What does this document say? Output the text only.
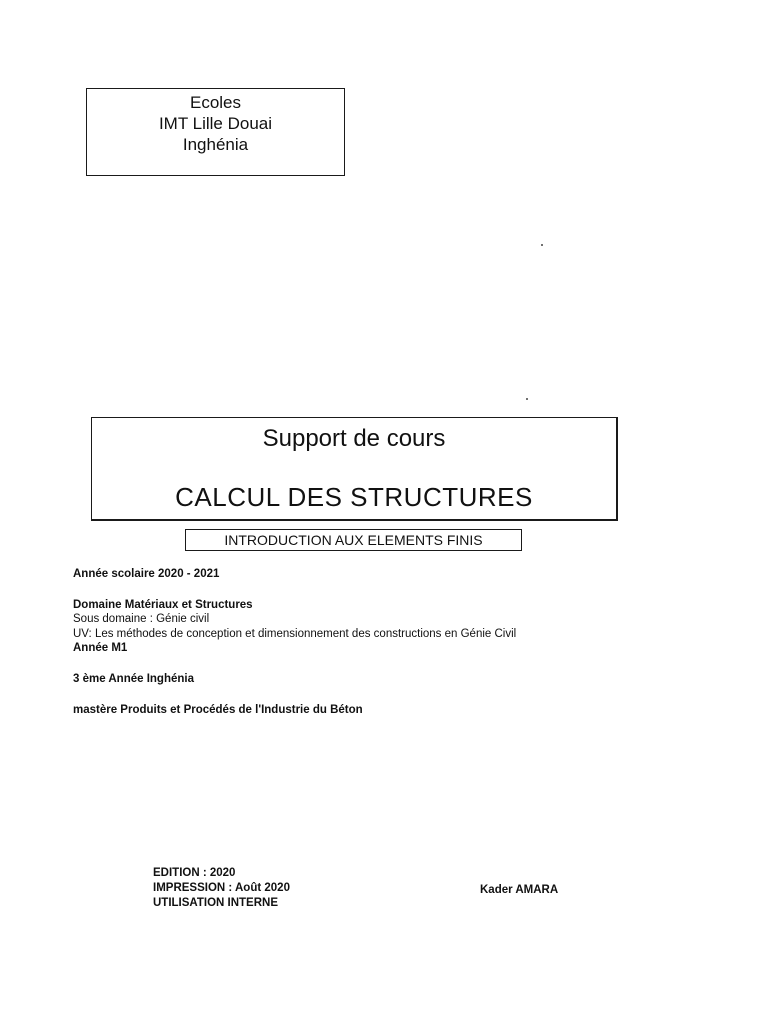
Ecoles
IMT Lille Douai
Inghénia
Support de cours
CALCUL DES STRUCTURES
INTRODUCTION AUX ELEMENTS FINIS
Année scolaire 2020 - 2021
Domaine Matériaux et Structures
Sous domaine : Génie civil
UV: Les méthodes de conception et dimensionnement des constructions en Génie Civil
Année M1
3 ème Année Inghénia
mastère Produits et Procédés de l'Industrie du Béton
EDITION : 2020
IMPRESSION : Août 2020
UTILISATION INTERNE
Kader AMARA
